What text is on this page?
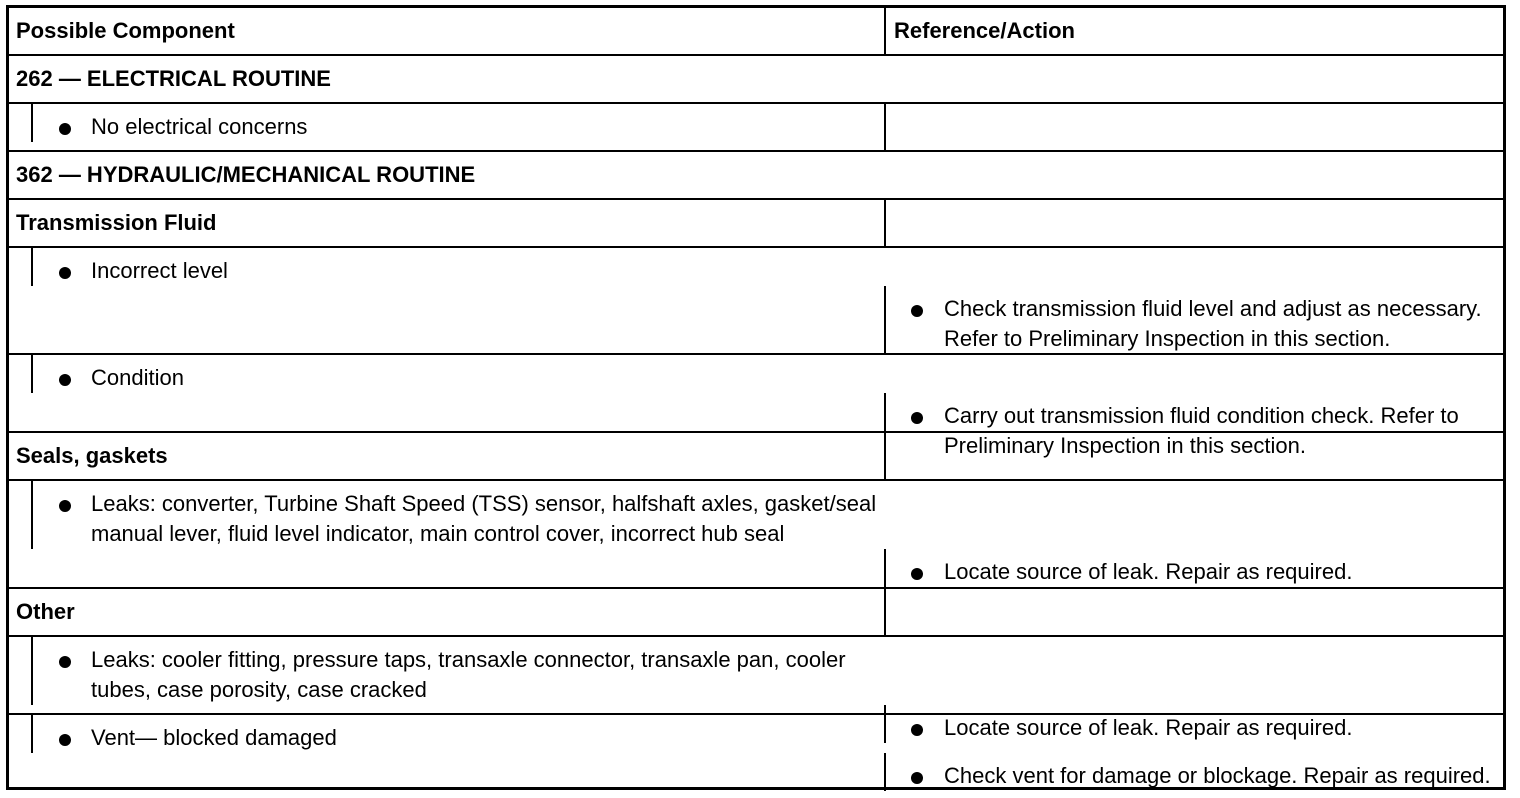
Possible Component	Reference/Action
262 — ELECTRICAL ROUTINE
No electrical concerns
362 — HYDRAULIC/MECHANICAL ROUTINE
Transmission Fluid
Incorrect level
Check transmission fluid level and adjust as necessary. Refer to Preliminary Inspection in this section.
Condition
Carry out transmission fluid condition check. Refer to Preliminary Inspection in this section.
Seals, gaskets
Leaks: converter, Turbine Shaft Speed (TSS) sensor, halfshaft axles, gasket/seal manual lever, fluid level indicator, main control cover, incorrect hub seal
Locate source of leak. Repair as required.
Other
Leaks: cooler fitting, pressure taps, transaxle connector, transaxle pan, cooler tubes, case porosity, case cracked
Locate source of leak. Repair as required.
Vent— blocked damaged
Check vent for damage or blockage. Repair as required.
